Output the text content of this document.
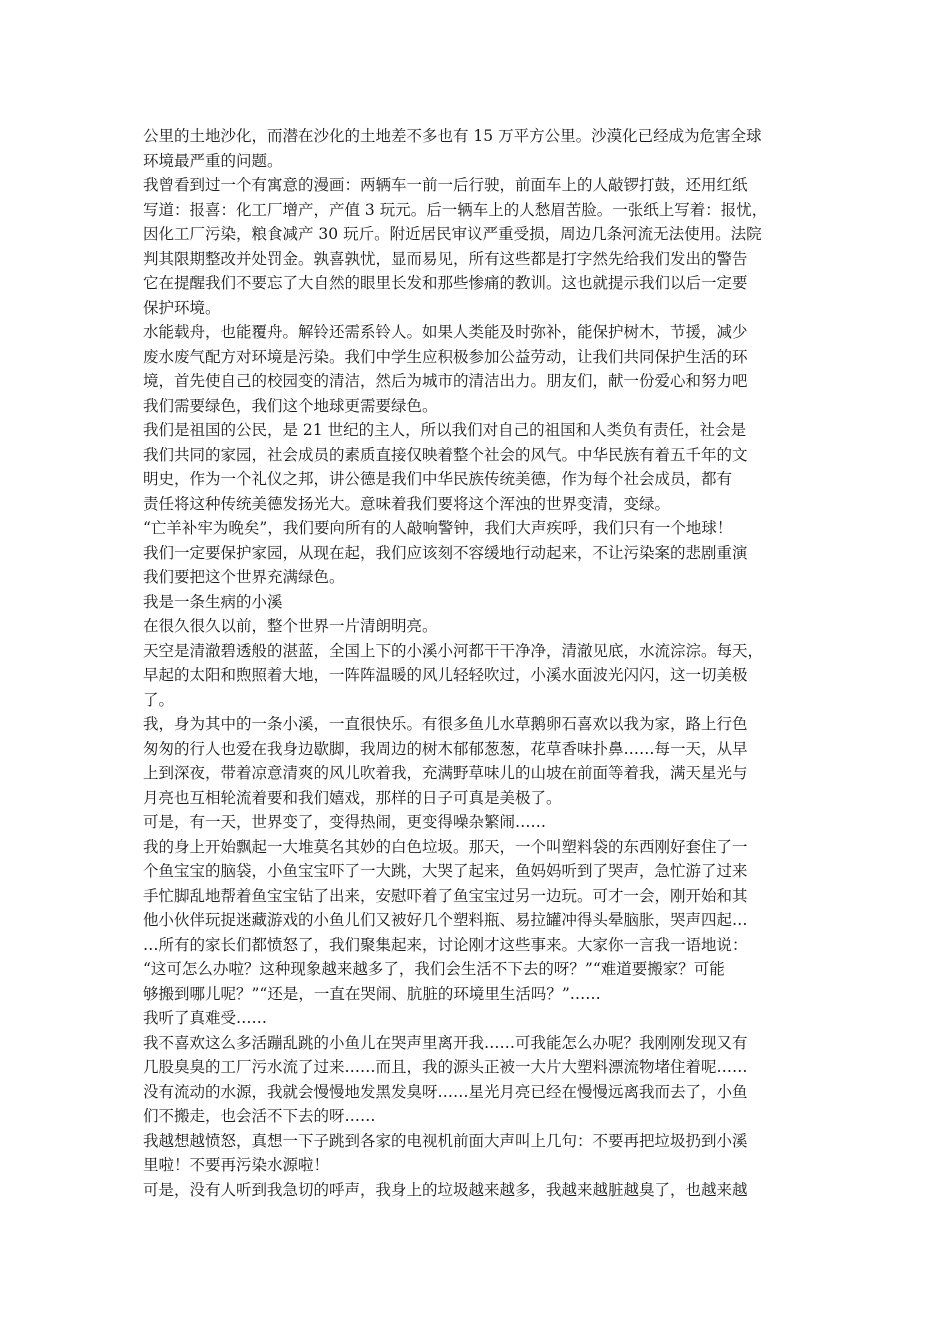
公里的土地沙化，而潜在沙化的土地差不多也有 15 万平方公里。沙漠化已经成为危害全球
环境最严重的问题。
我曾看到过一个有寓意的漫画：两辆车一前一后行驶，前面车上的人敲锣打鼓，还用红纸
写道：报喜：化工厂增产，产值 3 玩元。后一辆车上的人愁眉苦脸。一张纸上写着：报忧，
因化工厂污染，粮食减产 30 玩斤。附近居民审议严重受损，周边几条河流无法使用。法院
判其限期整改并处罚金。孰喜孰忧，显而易见，所有这些都是打字然先给我们发出的警告
它在提醒我们不要忘了大自然的眼里长发和那些惨痛的教训。这也就提示我们以后一定要
保护环境。
水能载舟，也能覆舟。解铃还需系铃人。如果人类能及时弥补，能保护树木，节援，减少
废水废气配方对环境是污染。我们中学生应积极参加公益劳动，让我们共同保护生活的环
境，首先使自己的校园变的清洁，然后为城市的清洁出力。朋友们，献一份爱心和努力吧
我们需要绿色，我们这个地球更需要绿色。
我们是祖国的公民，是 21 世纪的主人，所以我们对自己的祖国和人类负有责任，社会是
我们共同的家园，社会成员的素质直接仅映着整个社会的风气。中华民族有着五千年的文
明史，作为一个礼仪之邦，讲公德是我们中华民族传统美德，作为每个社会成员，都有
责任将这种传统美德发扬光大。意味着我们要将这个浑浊的世界变清，变绿。
“亡羊补牢为晚矣”，我们要向所有的人敲响警钟，我们大声疾呼，我们只有一个地球！
我们一定要保护家园，从现在起，我们应该刻不容缓地行动起来，不让污染案的悲剧重演
我们要把这个世界充满绿色。
我是一条生病的小溪
在很久很久以前，整个世界一片清朗明亮。
天空是清澈碧透般的湛蓝，全国上下的小溪小河都干干净净，清澈见底，水流淙淙。每天，
早起的太阳和煦照着大地，一阵阵温暖的风儿轻轻吹过，小溪水面波光闪闪，这一切美极
了。
我，身为其中的一条小溪，一直很快乐。有很多鱼儿水草鹅卵石喜欢以我为家，路上行色
匆匆的行人也爱在我身边歇脚，我周边的树木郁郁葱葱，花草香味扑鼻……每一天，从早
上到深夜，带着凉意清爽的风儿吹着我，充满野草味儿的山坡在前面等着我，满天星光与
月亮也互相轮流着要和我们嬉戏，那样的日子可真是美极了。
可是，有一天，世界变了，变得热闹，更变得噪杂繁闹……
我的身上开始飘起一大堆莫名其妙的白色垃圾。那天，一个叫塑料袋的东西刚好套住了一
个鱼宝宝的脑袋，小鱼宝宝吓了一大跳，大哭了起来，鱼妈妈听到了哭声，急忙游了过来
手忙脚乱地帮着鱼宝宝钻了出来，安慰吓着了鱼宝宝过另一边玩。可才一会，刚开始和其
他小伙伴玩捉迷藏游戏的小鱼儿们又被好几个塑料瓶、易拉罐冲得头晕脑胀，哭声四起…
…所有的家长们都愤怒了，我们聚集起来，讨论刚才这些事来。大家你一言我一语地说：
“这可怎么办啦？这种现象越来越多了，我们会生活不下去的呀？”“难道要搬家？可能
够搬到哪儿呢？”“还是，一直在哭闹、肮脏的环境里生活吗？”……
我听了真难受……
我不喜欢这么多活蹦乱跳的小鱼儿在哭声里离开我……可我能怎么办呢？我刚刚发现又有
几股臭臭的工厂污水流了过来……而且，我的源头正被一大片大塑料漂流物堵住着呢……
没有流动的水源，我就会慢慢地发黑发臭呀……星光月亮已经在慢慢远离我而去了，小鱼
们不搬走，也会活不下去的呀……
我越想越愤怒，真想一下子跳到各家的电视机前面大声叫上几句：不要再把垃圾扔到小溪
里啦！不要再污染水源啦！
可是，没有人听到我急切的呼声，我身上的垃圾越来越多，我越来越脏越臭了，也越来越
